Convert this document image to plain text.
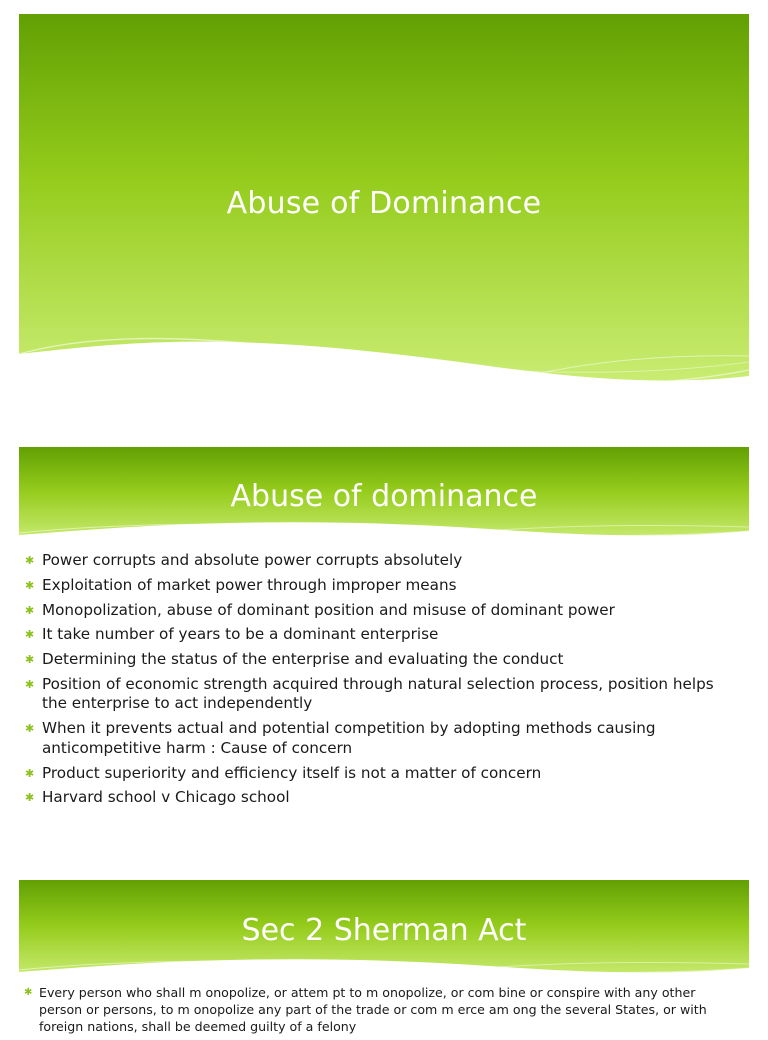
Abuse of Dominance
Abuse of dominance
✱ Power corrupts and absolute power corrupts absolutely
✱ Exploitation of market power through improper means
✱ Monopolization, abuse of dominant position and misuse of dominant power
✱ It take number of years to be a dominant enterprise
✱ Determining the status of the enterprise and evaluating the conduct
✱ Position of economic strength acquired through natural selection process, position helps the enterprise to act independently
✱ When it prevents actual and potential competition by adopting methods causing anticompetitive harm : Cause of concern
✱ Product superiority and efficiency itself is not a matter of concern
✱ Harvard school v Chicago school
Sec 2 Sherman Act
✱ Every person who shall m onopolize, or attem pt to m onopolize, or com bine or conspire with any other person or persons, to m onopolize any part of the trade or com m erce am ong the several States, or with foreign nations, shall be deemed guilty of a felony
